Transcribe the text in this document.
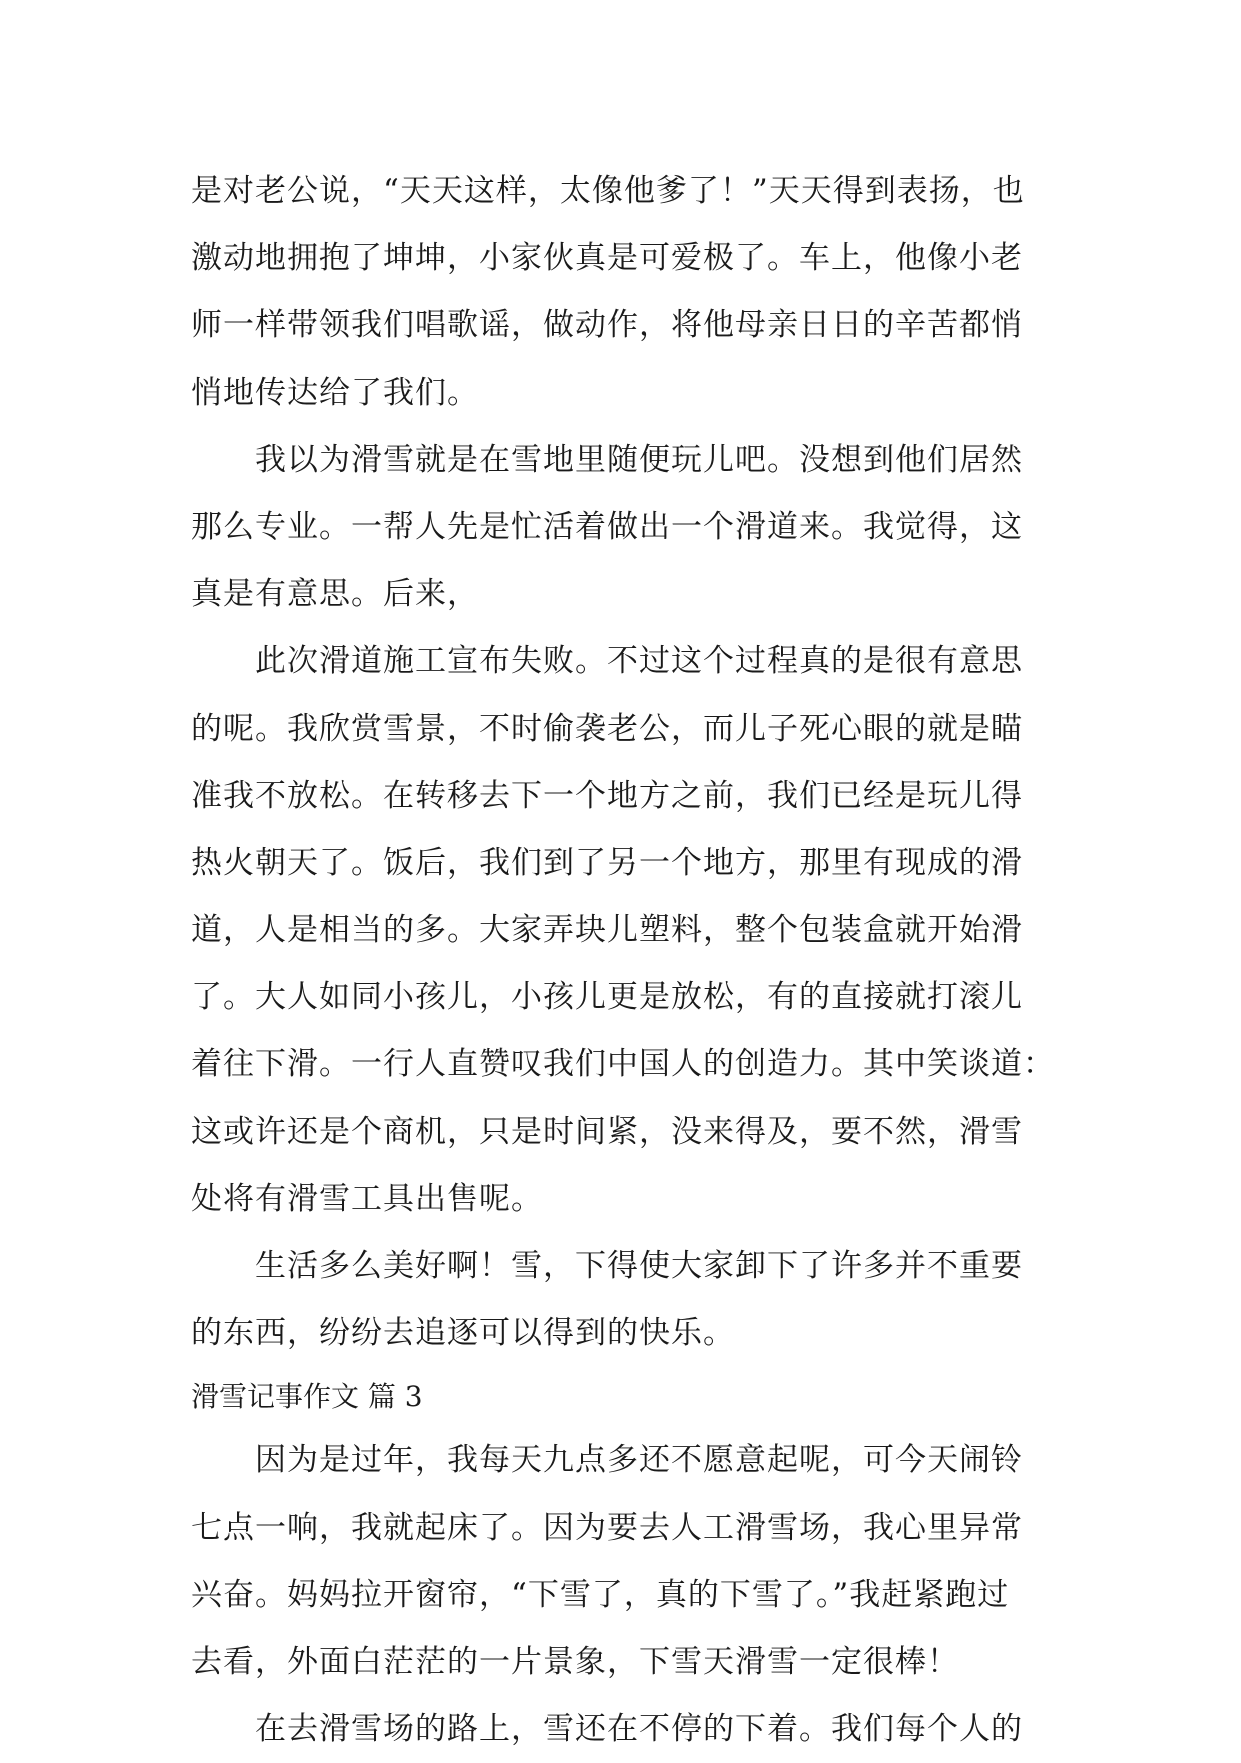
是对老公说，“天天这样，太像他爹了！”天天得到表扬，也
激动地拥抱了坤坤，小家伙真是可爱极了。车上，他像小老
师一样带领我们唱歌谣，做动作，将他母亲日日的辛苦都悄
悄地传达给了我们。
我以为滑雪就是在雪地里随便玩儿吧。没想到他们居然
那么专业。一帮人先是忙活着做出一个滑道来。我觉得，这
真是有意思。后来，
此次滑道施工宣布失败。不过这个过程真的是很有意思
的呢。我欣赏雪景，不时偷袭老公，而儿子死心眼的就是瞄
准我不放松。在转移去下一个地方之前，我们已经是玩儿得
热火朝天了。饭后，我们到了另一个地方，那里有现成的滑
道，人是相当的多。大家弄块儿塑料，整个包装盒就开始滑
了。大人如同小孩儿，小孩儿更是放松，有的直接就打滚儿
着往下滑。一行人直赞叹我们中国人的创造力。其中笑谈道：
这或许还是个商机，只是时间紧，没来得及，要不然，滑雪
处将有滑雪工具出售呢。
生活多么美好啊！雪，下得使大家卸下了许多并不重要
的东西，纷纷去追逐可以得到的快乐。
滑雪记事作文 篇 3
因为是过年，我每天九点多还不愿意起呢，可今天闹铃
七点一响，我就起床了。因为要去人工滑雪场，我心里异常
兴奋。妈妈拉开窗帘，“下雪了，真的下雪了。”我赶紧跑过
去看，外面白茫茫的一片景象，下雪天滑雪一定很棒！
在去滑雪场的路上，雪还在不停的下着。我们每个人的
